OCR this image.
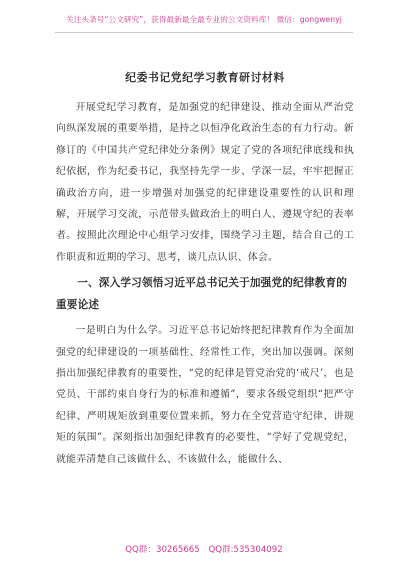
关注头条号“公文研究”，获得最新最全最专业的公文资料库！ 微信：gongwenyj
纪委书记党纪学习教育研讨材料

开展党纪学习教育，是加强党的纪律建设、推动全面从严治党向纵深发展的重要举措，是持之以恒净化政治生态的有力行动。新修订的《中国共产党纪律处分条例》规定了党的各项纪律底线和执纪依据，作为纪委书记，我坚持先学一步、学深一层，牢牢把握正确政治方向，进一步增强对加强党的纪律建设重要性的认识和理解，开展学习交流，示范带头做政治上的明白人、遵规守纪的表率者。按照此次理论中心组学习安排，围绕学习主题，结合自己的工作职责和近期的学习、思考，谈几点认识、体会。

一、深入学习领悟习近平总书记关于加强党的纪律教育的重要论述

一是明白为什么学。习近平总书记始终把纪律教育作为全面加强党的纪律建设的一项基础性、经常性工作，突出加以强调。深刻指出加强纪律教育的重要性，“党的纪律是管党治党的‘戒尺’，也是党员、干部约束自身行为的标准和遵循”，要求各级党组织“把严守纪律、严明规矩放到重要位置来抓，努力在全党营造守纪律、讲规矩的氛围”。深刻指出加强纪律教育的必要性，“学好了党规党纪，就能弄清楚自己该做什么、不该做什么，能做什么、

QQ群：30265665 QQ群:535304092
